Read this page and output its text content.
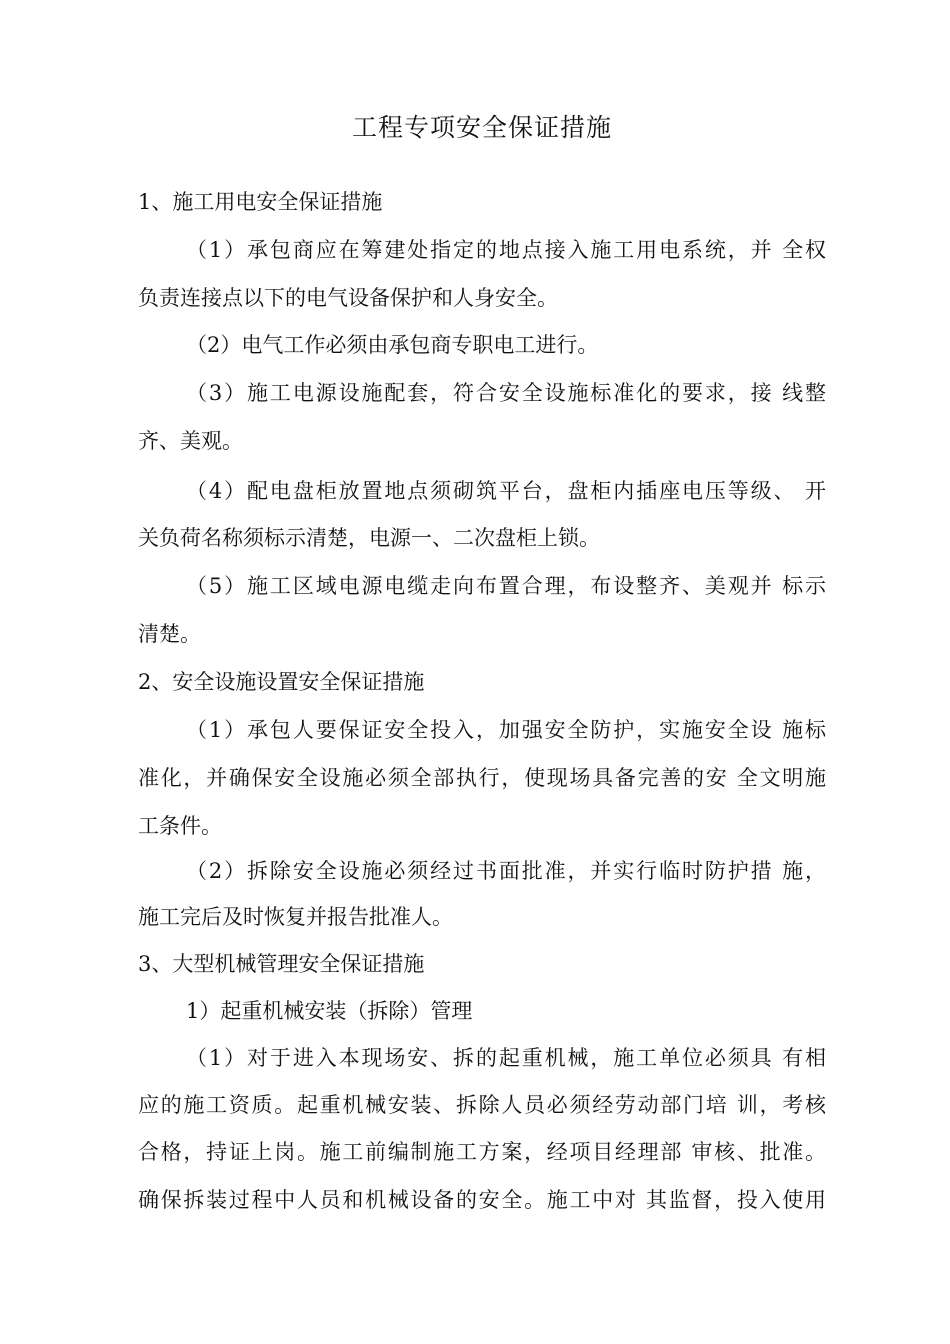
工程专项安全保证措施
1、施工用电安全保证措施
（1）承包商应在筹建处指定的地点接入施工用电系统，并 全权
负责连接点以下的电气设备保护和人身安全。
（2）电气工作必须由承包商专职电工进行。
（3）施工电源设施配套，符合安全设施标准化的要求，接 线整
齐、美观。
（4）配电盘柜放置地点须砌筑平台，盘柜内插座电压等级、 开
关负荷名称须标示清楚，电源一、二次盘柜上锁。
（5）施工区域电源电缆走向布置合理，布设整齐、美观并 标示
清楚。
2、安全设施设置安全保证措施
（1）承包人要保证安全投入，加强安全防护，实施安全设 施标
准化，并确保安全设施必须全部执行，使现场具备完善的安 全文明施
工条件。
（2）拆除安全设施必须经过书面批准，并实行临时防护措 施，
施工完后及时恢复并报告批准人。
3、大型机械管理安全保证措施
1）起重机械安装（拆除）管理
（1）对于进入本现场安、拆的起重机械，施工单位必须具 有相
应的施工资质。起重机械安装、拆除人员必须经劳动部门培 训，考核
合格，持证上岗。施工前编制施工方案，经项目经理部 审核、批准。
确保拆装过程中人员和机械设备的安全。施工中对 其监督，投入使用
